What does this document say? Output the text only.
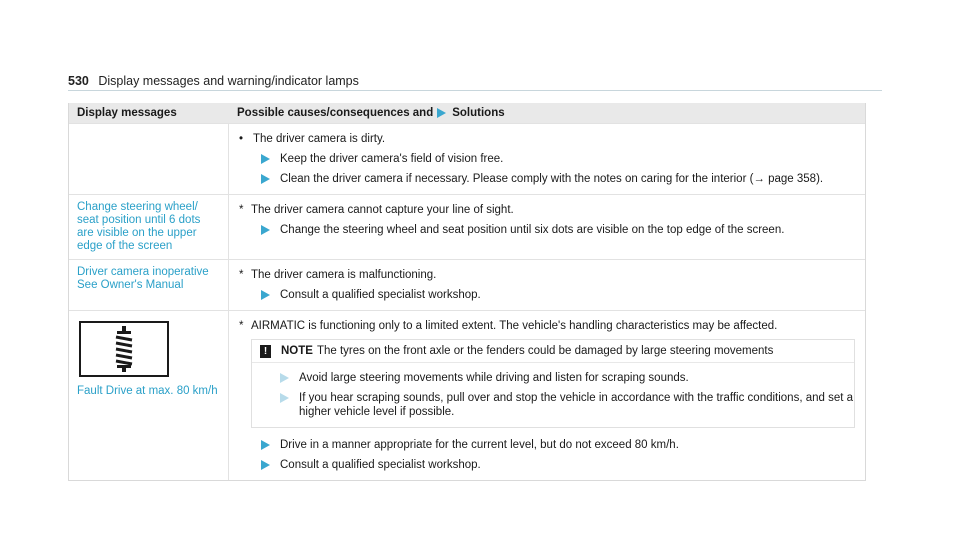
530 Display messages and warning/indicator lamps
Display messages	Possible causes/consequences and Solutions
• The driver camera is dirty.
Keep the driver camera's field of vision free.
Clean the driver camera if necessary. Please comply with the notes on caring for the interior (→ page 358).
Change steering wheel/ seat position until 6 dots are visible on the upper edge of the screen
* The driver camera cannot capture your line of sight.
Change the steering wheel and seat position until six dots are visible on the top edge of the screen.
Driver camera inoperative See Owner's Manual
* The driver camera is malfunctioning.
Consult a qualified specialist workshop.
Fault Drive at max. 80 km/h
* AIRMATIC is functioning only to a limited extent. The vehicle's handling characteristics may be affected.
!	NOTE The tyres on the front axle or the fenders could be damaged by large steering movements
Avoid large steering movements while driving and listen for scraping sounds.
If you hear scraping sounds, pull over and stop the vehicle in accordance with the traffic conditions, and set a higher vehicle level if possible.
Drive in a manner appropriate for the current level, but do not exceed 80 km/h.
Consult a qualified specialist workshop.
